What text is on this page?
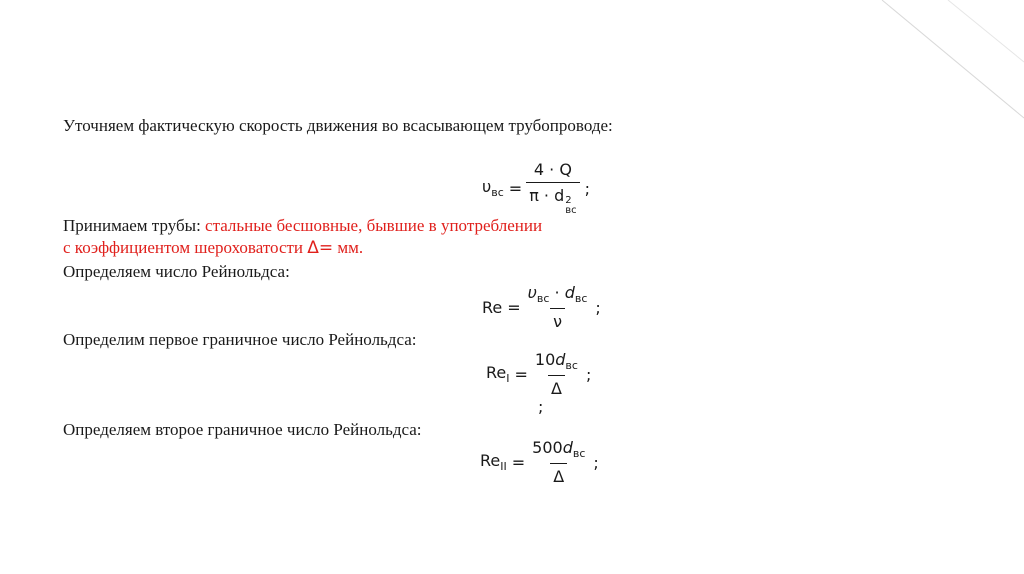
Уточняем фактическую скорость движения во всасывающем трубопроводе:
$\upsilon_{вс} = 4 \cdot Q$
π · d 2
вс ;
Принимаем трубы: стальные бесшовные, бывшие в употреблении
с коэффициентом шероховатости Δ= мм.
Определяем число Рейнольдса:
$Re = \frac{\upsilon_{вс} \cdot d_{вс}}{\nu}$ ;
Определим первое граничное число Рейнольдса:
$Re_I = \frac{10d_{вс}}{\Delta}$ ;
;
Определяем второе граничное число Рейнольдса:
$Re_{II} = \frac{500d_{вс}}{\Delta}$ ;
